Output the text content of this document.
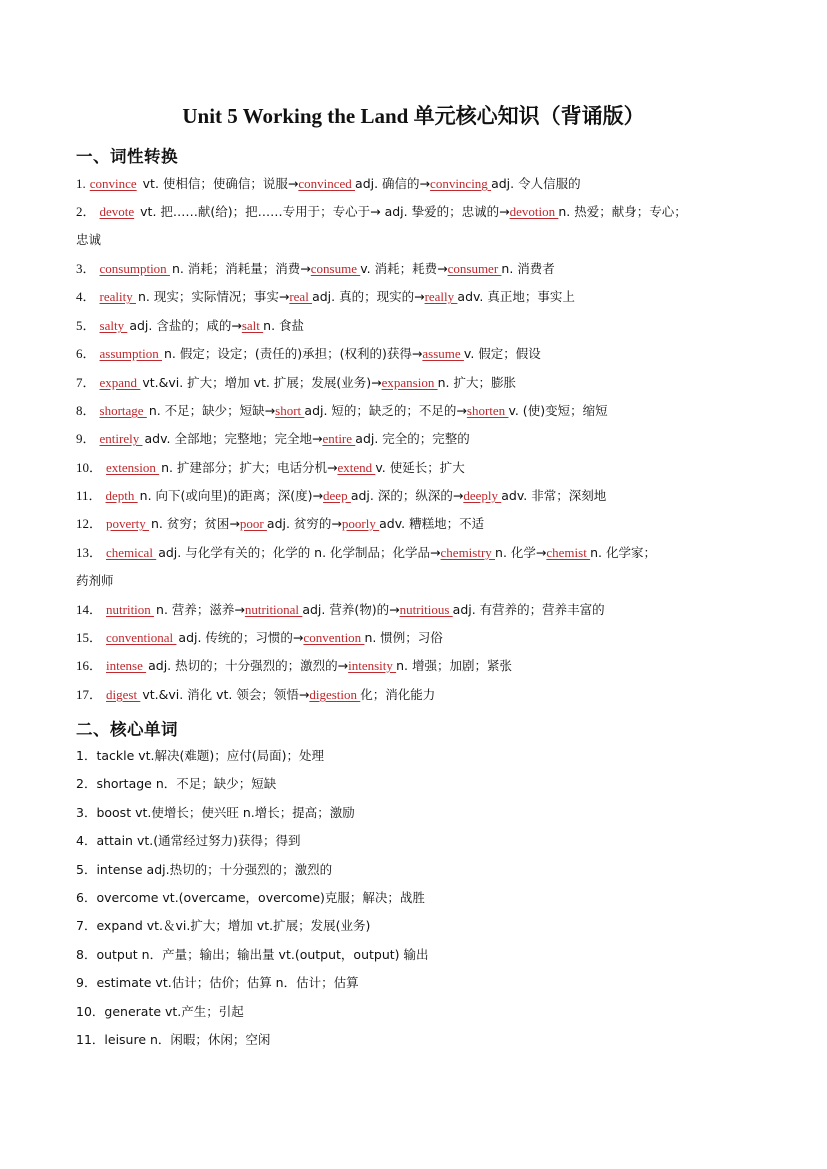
Unit 5 Working the Land 单元核心知识（背诵版）
一、词性转换
1. convince vt. 使相信；使确信；说服→convinced adj. 确信的→convincing adj. 令人信服的
2． devote vt. 把……献(给)；把……专用于；专心于→ adj. 挚爱的；忠诚的→devotion n. 热爱；献身；专心；
忠诚
3． consumption n. 消耗；消耗量；消费→consume v. 消耗；耗费→consumer n. 消费者
4． reality n. 现实；实际情况；事实→real adj. 真的；现实的→really adv. 真正地；事实上
5． salty adj. 含盐的；咸的→salt n. 食盐
6． assumption n. 假定；设定；(责任的)承担；(权利的)获得→assume v. 假定；假设
7． expand vt.&vi. 扩大；增加 vt. 扩展；发展(业务)→expansion n. 扩大；膨胀
8． shortage n. 不足；缺少；短缺→short adj. 短的；缺乏的；不足的→shorten v. (使)变短；缩短
9． entirely adv. 全部地；完整地；完全地→entire adj. 完全的；完整的
10． extension n. 扩建部分；扩大；电话分机→extend v. 使延长；扩大
11． depth n. 向下(或向里)的距离；深(度)→deep adj. 深的；纵深的→deeply adv. 非常；深刻地
12． poverty n. 贫穷；贫困→poor adj. 贫穷的→poorly adv. 糟糕地；不适
13． chemical adj. 与化学有关的；化学的 n. 化学制品；化学品→chemistry n. 化学→chemist n. 化学家；
药剂师
14． nutrition n. 营养；滋养→nutritional adj. 营养(物)的→nutritious adj. 有营养的；营养丰富的
15． conventional adj. 传统的；习惯的→convention n. 惯例；习俗
16． intense adj. 热切的；十分强烈的；激烈的→intensity n. 增强；加剧；紧张
17． digest vt.&vi. 消化 vt. 领会；领悟→digestion 化；消化能力
二、核心单词
1．tackle vt.解决(难题)；应付(局面)；处理
2．shortage n．不足；缺少；短缺
3．boost vt.使增长；使兴旺 n.增长；提高；激励
4．attain vt.(通常经过努力)获得；得到
5．intense adj.热切的；十分强烈的；激烈的
6．overcome vt.(overcame，overcome)克服；解决；战胜
7．expand vt.＆vi.扩大；增加 vt.扩展；发展(业务)
8．output n．产量；输出；输出量 vt.(output，output) 输出
9．estimate vt.估计；估价；估算 n．估计；估算
10．generate vt.产生；引起
11．leisure n．闲暇；休闲；空闲
